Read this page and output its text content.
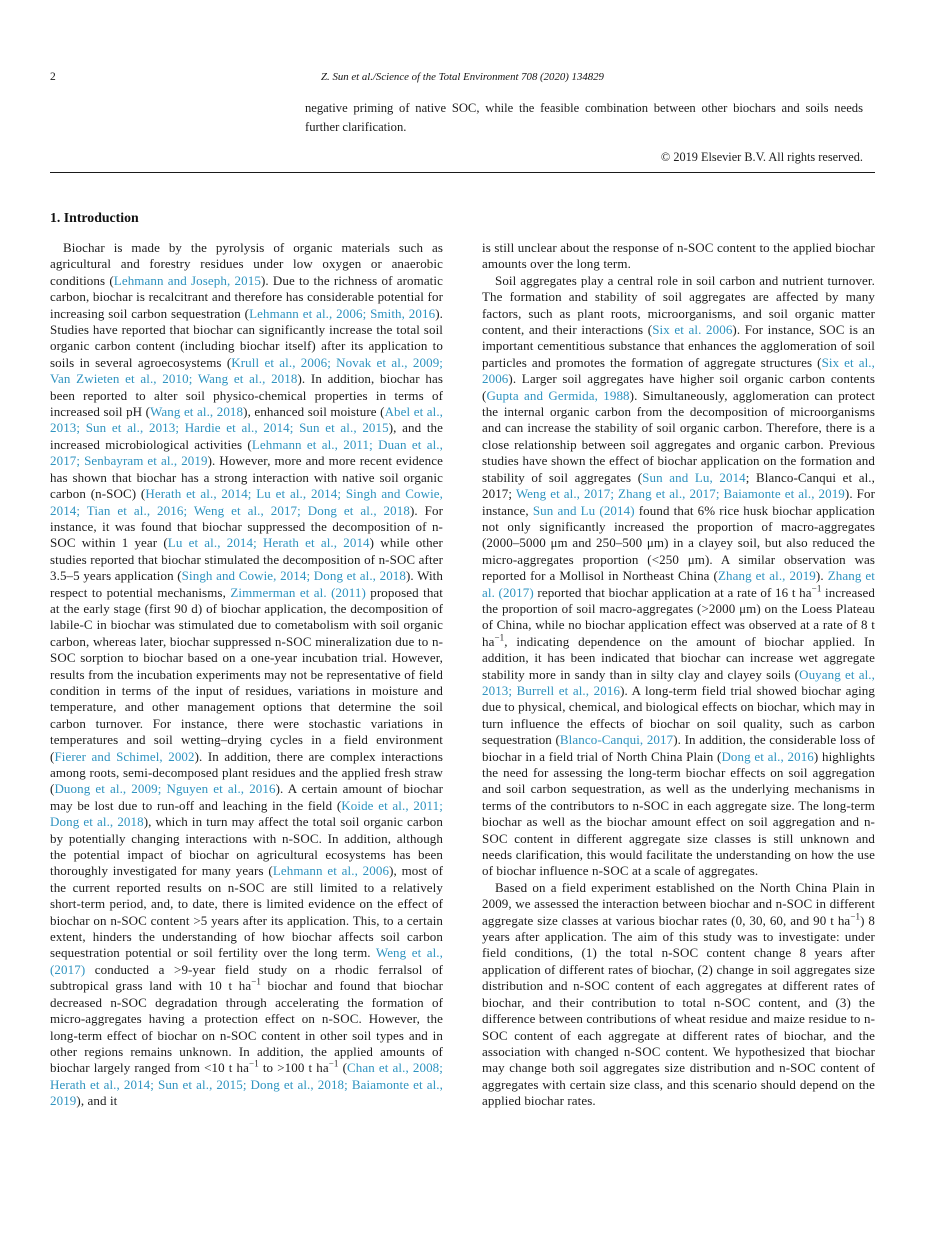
2	Z. Sun et al./Science of the Total Environment 708 (2020) 134829
negative priming of native SOC, while the feasible combination between other biochars and soils needs further clarification.
© 2019 Elsevier B.V. All rights reserved.
1. Introduction

Biochar is made by the pyrolysis of organic materials such as agricultural and forestry residues under low oxygen or anaerobic conditions (Lehmann and Joseph, 2015). Due to the richness of aromatic carbon, biochar is recalcitrant and therefore has considerable potential for increasing soil carbon sequestration (Lehmann et al., 2006; Smith, 2016). Studies have reported that biochar can significantly increase the total soil organic carbon content (including biochar itself) after its application to soils in several agroecosystems (Krull et al., 2006; Novak et al., 2009; Van Zwieten et al., 2010; Wang et al., 2018). In addition, biochar has been reported to alter soil physico-chemical properties in terms of increased soil pH (Wang et al., 2018), enhanced soil moisture (Abel et al., 2013; Sun et al., 2013; Hardie et al., 2014; Sun et al., 2015), and the increased microbiological activities (Lehmann et al., 2011; Duan et al., 2017; Senbayram et al., 2019). However, more and more recent evidence has shown that biochar has a strong interaction with native soil organic carbon (n-SOC) (Herath et al., 2014; Lu et al., 2014; Singh and Cowie, 2014; Tian et al., 2016; Weng et al., 2017; Dong et al., 2018). For instance, it was found that biochar suppressed the decomposition of n-SOC within 1 year (Lu et al., 2014; Herath et al., 2014) while other studies reported that biochar stimulated the decomposition of n-SOC after 3.5–5 years application (Singh and Cowie, 2014; Dong et al., 2018). With respect to potential mechanisms, Zimmerman et al. (2011) proposed that at the early stage (first 90 d) of biochar application, the decomposition of labile-C in biochar was stimulated due to cometabolism with soil organic carbon, whereas later, biochar suppressed n-SOC mineralization due to n-SOC sorption to biochar based on a one-year incubation trial. However, results from the incubation experiments may not be representative of field condition in terms of the input of residues, variations in moisture and temperature, and other management options that determine the soil carbon turnover. For instance, there were stochastic variations in temperatures and soil wetting–drying cycles in a field environment (Fierer and Schimel, 2002). In addition, there are complex interactions among roots, semi-decomposed plant residues and the applied fresh straw (Duong et al., 2009; Nguyen et al., 2016). A certain amount of biochar may be lost due to run-off and leaching in the field (Koide et al., 2011; Dong et al., 2018), which in turn may affect the total soil organic carbon by potentially changing interactions with n-SOC. In addition, although the potential impact of biochar on agricultural ecosystems has been thoroughly investigated for many years (Lehmann et al., 2006), most of the current reported results on n-SOC are still limited to a relatively short-term period, and, to date, there is limited evidence on the effect of biochar on n-SOC content >5 years after its application. This, to a certain extent, hinders the understanding of how biochar affects soil carbon sequestration potential or soil fertility over the long term. Weng et al., (2017) conducted a >9-year field study on a rhodic ferralsol of subtropical grass land with 10 t $ha^{-1}$ biochar and found that biochar decreased n-SOC degradation through accelerating the formation of micro-aggregates having a protection effect on n-SOC. However, the long-term effect of biochar on n-SOC content in other soil types and in other regions remains unknown. In addition, the applied amounts of biochar largely ranged from <10 t $ha^{-1}$ to >100 t $ha^{-1}$ (Chan et al., 2008; Herath et al., 2014; Sun et al., 2015; Dong et al., 2018; Baiamonte et al., 2019), and it

is still unclear about the response of n-SOC content to the applied biochar amounts over the long term.

Soil aggregates play a central role in soil carbon and nutrient turnover. The formation and stability of soil aggregates are affected by many factors, such as plant roots, microorganisms, and soil organic matter content, and their interactions (Six et al. 2006). For instance, SOC is an important cementitious substance that enhances the agglomeration of soil particles and promotes the formation of aggregate structures (Six et al., 2006). Larger soil aggregates have higher soil organic carbon contents (Gupta and Germida, 1988). Simultaneously, agglomeration can protect the internal organic carbon from the decomposition of microorganisms and can increase the stability of soil organic carbon. Therefore, there is a close relationship between soil aggregates and organic carbon. Previous studies have shown the effect of biochar application on the formation and stability of soil aggregates (Sun and Lu, 2014; Blanco-Canqui et al., 2017; Weng et al., 2017; Zhang et al., 2017; Baiamonte et al., 2019). For instance, Sun and Lu (2014) found that 6% rice husk biochar application not only significantly increased the proportion of macro-aggregates (2000–5000 μm and 250–500 μm) in a clayey soil, but also reduced the micro-aggregates proportion (<250 μm). A similar observation was reported for a Mollisol in Northeast China (Zhang et al., 2019). Zhang et al. (2017) reported that biochar application at a rate of 16 t $ha^{-1}$ increased the proportion of soil macro-aggregates (>2000 μm) on the Loess Plateau of China, while no biochar application effect was observed at a rate of 8 t $ha^{-1}$, indicating dependence on the amount of biochar applied. In addition, it has been indicated that biochar can increase wet aggregate stability more in sandy than in silty clay and clayey soils (Ouyang et al., 2013; Burrell et al., 2016). A long-term field trial showed biochar aging due to physical, chemical, and biological effects on biochar, which may in turn influence the effects of biochar on soil quality, such as carbon sequestration (Blanco-Canqui, 2017). In addition, the considerable loss of biochar in a field trial of North China Plain (Dong et al., 2016) highlights the need for assessing the long-term biochar effects on soil aggregation and soil carbon sequestration, as well as the underlying mechanisms in terms of the contributors to n-SOC in each aggregate size. The long-term biochar as well as the biochar amount effect on soil aggregation and n-SOC content in different aggregate size classes is still unknown and needs clarification, this would facilitate the understanding on how the use of biochar influence n-SOC at a scale of aggregates.

Based on a field experiment established on the North China Plain in 2009, we assessed the interaction between biochar and n-SOC in different aggregate size classes at various biochar rates (0, 30, 60, and 90 t $ha^{-1}$) 8 years after application. The aim of this study was to investigate: under field conditions, (1) the total n-SOC content change 8 years after application of different rates of biochar, (2) change in soil aggregates size distribution and n-SOC content of each aggregates at different rates of biochar, and their contribution to total n-SOC content, and (3) the difference between contributions of wheat residue and maize residue to n-SOC content of each aggregate at different rates of biochar, and the association with changed n-SOC content. We hypothesized that biochar may change both soil aggregates size distribution and n-SOC content of aggregates with certain size class, and this scenario should depend on the applied biochar rates.
